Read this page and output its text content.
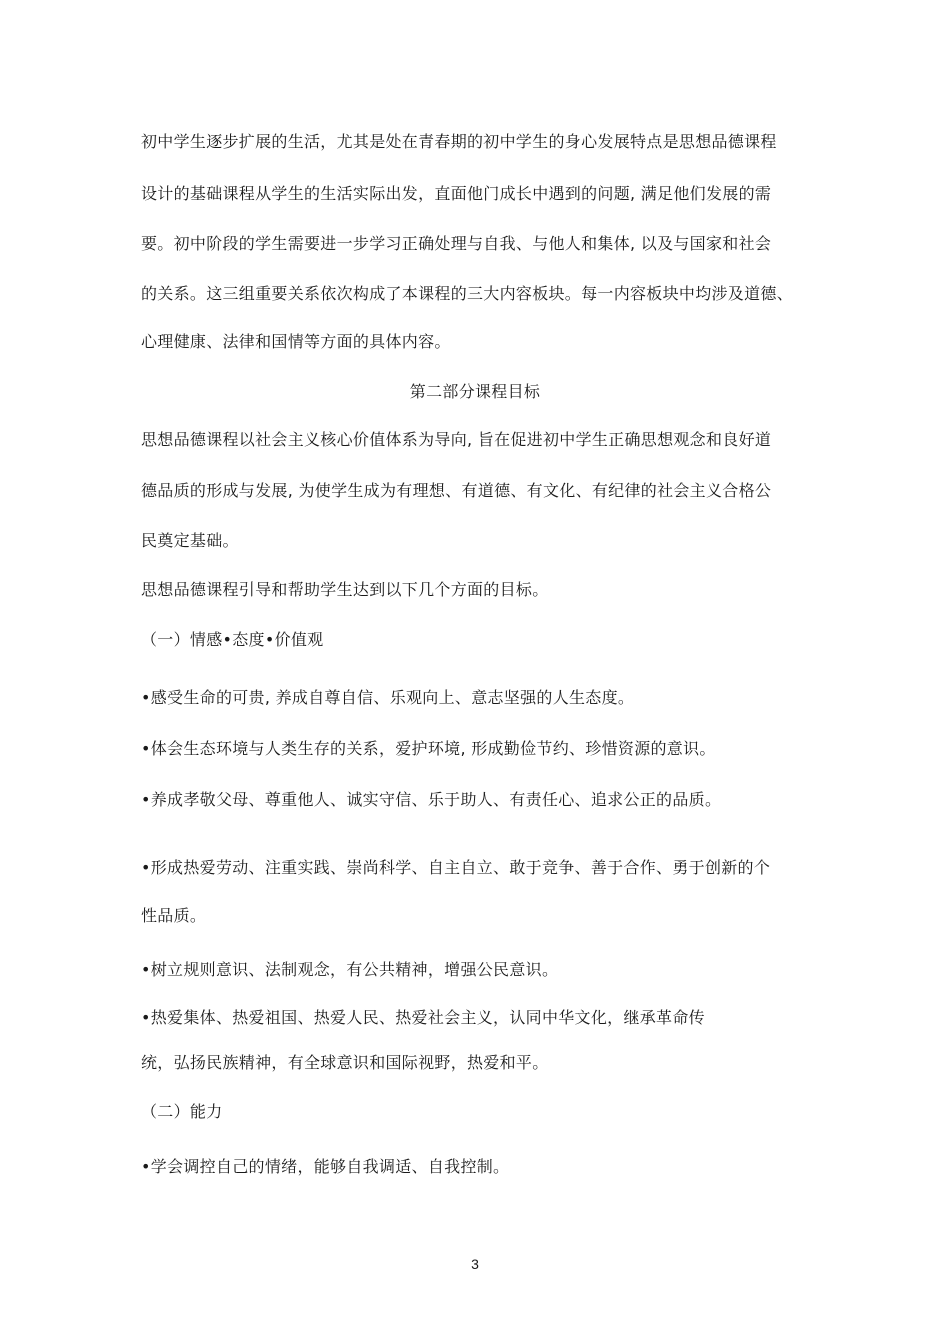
初中学生逐步扩展的生活，尤其是处在青春期的初中学生的身心发展特点是思想品德课程
设计的基础课程从学生的生活实际出发，直面他门成长中遇到的问题, 满足他们发展的需
要。初中阶段的学生需要进一步学习正确处理与自我、与他人和集体, 以及与国家和社会
的关系。这三组重要关系依次构成了本课程的三大内容板块。每一内容板块中均涉及道德、
心理健康、法律和国情等方面的具体内容。
第二部分课程目标
思想品德课程以社会主义核心价值体系为导向, 旨在促进初中学生正确思想观念和良好道
德品质的形成与发展, 为使学生成为有理想、有道德、有文化、有纪律的社会主义合格公
民奠定基础。
思想品德课程引导和帮助学生达到以下几个方面的目标。
（一）情感•态度•价值观
•感受生命的可贵, 养成自尊自信、乐观向上、意志坚强的人生态度。
•体会生态环境与人类生存的关系，爱护环境, 形成勤俭节约、珍惜资源的意识。
•养成孝敬父母、尊重他人、诚实守信、乐于助人、有责任心、追求公正的品质。
•形成热爱劳动、注重实践、崇尚科学、自主自立、敢于竞争、善于合作、勇于创新的个
性品质。
•树立规则意识、法制观念，有公共精神，增强公民意识。
•热爱集体、热爱祖国、热爱人民、热爱社会主义，认同中华文化，继承革命传
统，弘扬民族精神，有全球意识和国际视野，热爱和平。
（二）能力
•学会调控自己的情绪，能够自我调适、自我控制。
3
